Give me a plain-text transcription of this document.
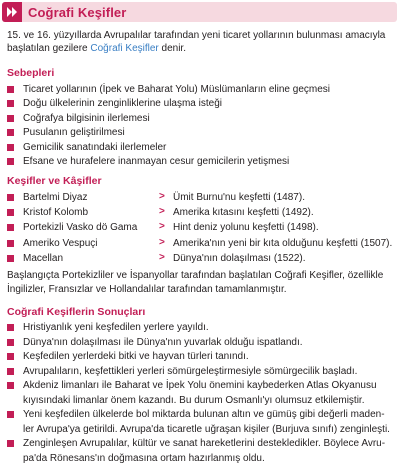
Coğrafi Keşifler
15. ve 16. yüzyıllarda Avrupalılar tarafından yeni ticaret yollarının bulunması amacıyla
başlatılan gezilere Coğrafi Keşifler denir.
Sebepleri
Ticaret yollarının (İpek ve Baharat Yolu) Müslümanların eline geçmesi
Doğu ülkelerinin zenginliklerine ulaşma isteği
Coğrafya bilgisinin ilerlemesi
Pusulanın geliştirilmesi
Gemicilik sanatındaki ilerlemeler
Efsane ve hurafelere inanmayan cesur gemicilerin yetişmesi
Keşifler ve Kâşifler
Bartelmi Diyaz	> Ümit Burnu'nu keşfetti (1487).
Kristof Kolomb	> Amerika kıtasını keşfetti (1492).
Portekizli Vasko dö Gama > Hint deniz yolunu keşfetti (1498).
Ameriko Vespuçi	> Amerika'nın yeni bir kıta olduğunu keşfetti (1507).
Macellan	> Dünya'nın dolaşılması (1522).
Başlangıçta Portekizliler ve İspanyollar tarafından başlatılan Coğrafi Keşifler, özellikle
İngilizler, Fransızlar ve Hollandalılar tarafından tamamlanmıştır.
Coğrafi Keşiflerin Sonuçları
Hristiyanlık yeni keşfedilen yerlere yayıldı.
Dünya'nın dolaşılması ile Dünya'nın yuvarlak olduğu ispatlandı.
Keşfedilen yerlerdeki bitki ve hayvan türleri tanındı.
Avrupalıların, keşfettikleri yerleri sömürgeleştirmesiyle sömürgecilik başladı.
Akdeniz limanları ile Baharat ve İpek Yolu önemini kaybederken Atlas Okyanusu
kıyısındaki limanlar önem kazandı. Bu durum Osmanlı'yı olumsuz etkilemiştir.
Yeni keşfedilen ülkelerde bol miktarda bulunan altın ve gümüş gibi değerli maden-
ler Avrupa'ya getirildi. Avrupa'da ticaretle uğraşan kişiler (Burjuva sınıfı) zenginleşti.
Zenginleşen Avrupalılar, kültür ve sanat hareketlerini destekledikler. Böylece Avru-
pa'da Rönesans'ın doğmasına ortam hazırlanmış oldu.
